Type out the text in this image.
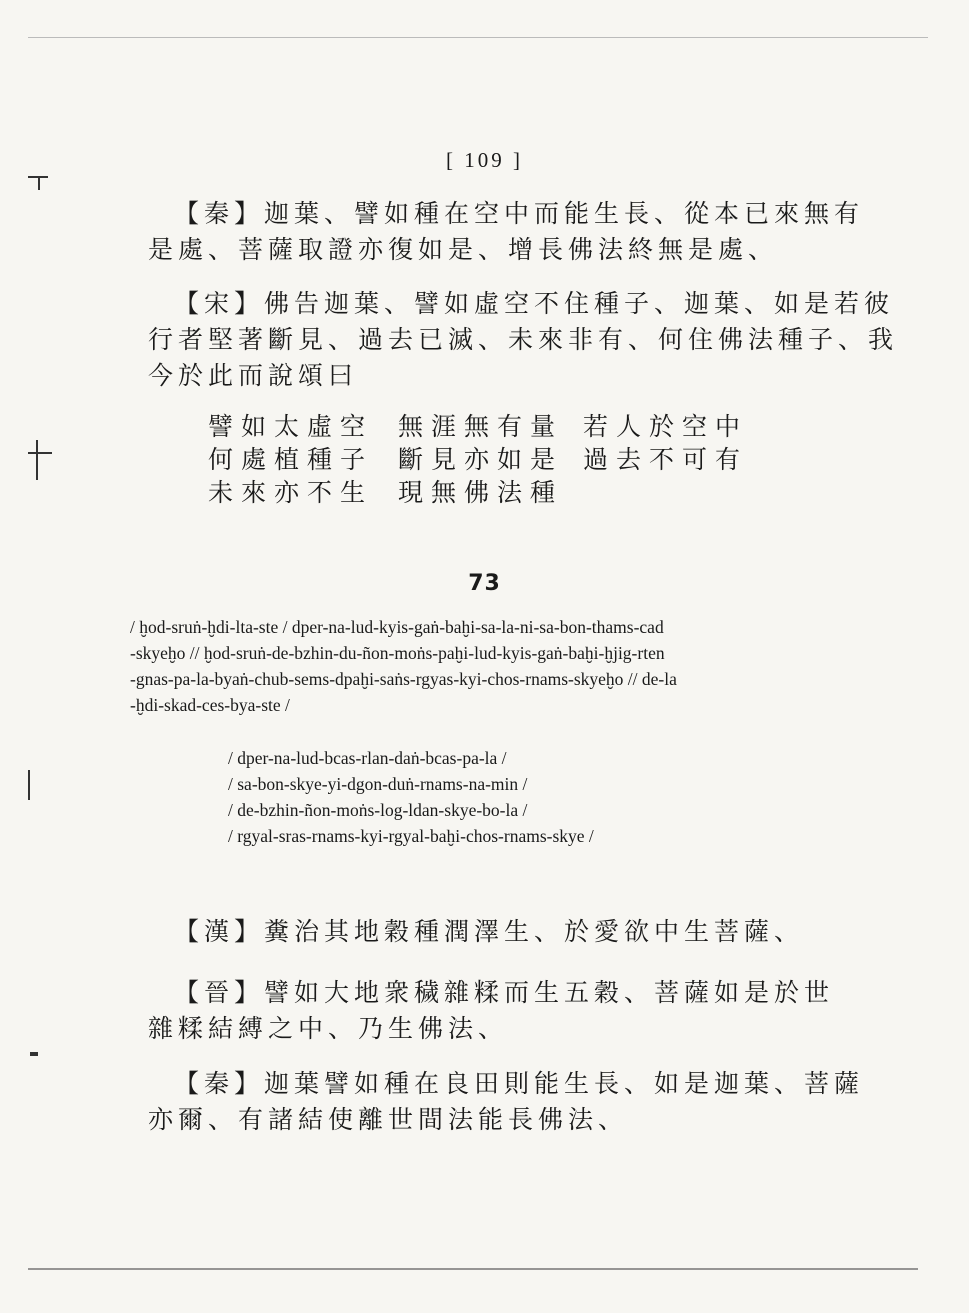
[ 109 ]
【秦】迦葉、譬如種在空中而能生長、從本已來無有
是處、菩薩取證亦復如是、增長佛法終無是處、
【宋】佛告迦葉、譬如虛空不住種子、迦葉、如是若彼
行者堅著斷見、過去已滅、未來非有、何住佛法種子、我
今於此而說頌曰
譬如太虛空
何處植種子
未來亦不生
無涯無有量
斷見亦如是
現無佛法種
若人於空中
過去不可有
73
/ ḫod-sruṅ-ḫdi-lta-ste / dper-na-lud-kyis-gaṅ-baḫi-sa-la-ni-sa-bon-thams-cad
-skyeḫo // ḫod-sruṅ-de-bzhin-du-ñon-moṅs-paḫi-lud-kyis-gaṅ-baḫi-ḫjig-rten
-gnas-pa-la-byaṅ-chub-sems-dpaḫi-saṅs-rgyas-kyi-chos-rnams-skyeḫo // de-la
-ḫdi-skad-ces-bya-ste /
/ dper-na-lud-bcas-rlan-daṅ-bcas-pa-la /
/ sa-bon-skye-yi-dgon-duṅ-rnams-na-min /
/ de-bzhin-ñon-moṅs-log-ldan-skye-bo-la /
/ rgyal-sras-rnams-kyi-rgyal-baḫi-chos-rnams-skye /
【漢】糞治其地穀種潤澤生、於愛欲中生菩薩、
【晉】譬如大地衆穢雜糅而生五穀、菩薩如是於世
雜糅結縛之中、乃生佛法、
【秦】迦葉譬如種在良田則能生長、如是迦葉、菩薩
亦爾、有諸結使離世間法能長佛法、
